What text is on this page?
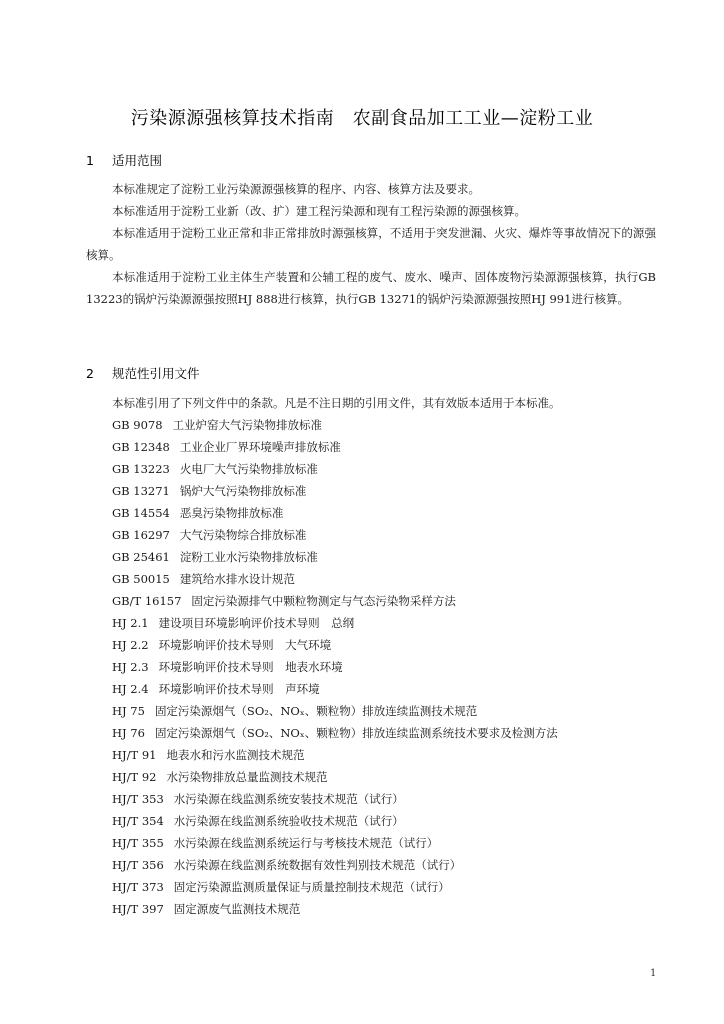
污染源源强核算技术指南　农副食品加工工业—淀粉工业
1 适用范围
本标准规定了淀粉工业污染源源强核算的程序、内容、核算方法及要求。
本标准适用于淀粉工业新（改、扩）建工程污染源和现有工程污染源的源强核算。
本标准适用于淀粉工业正常和非正常排放时源强核算，不适用于突发泄漏、火灾、爆炸等事故情况下的源强核算。
本标准适用于淀粉工业主体生产装置和公辅工程的废气、废水、噪声、固体废物污染源源强核算，执行GB 13223的锅炉污染源源强按照HJ 888进行核算，执行GB 13271的锅炉污染源源强按照HJ 991进行核算。
2 规范性引用文件
本标准引用了下列文件中的条款。凡是不注日期的引用文件，其有效版本适用于本标准。
GB 9078 工业炉窑大气污染物排放标准
GB 12348 工业企业厂界环境噪声排放标准
GB 13223 火电厂大气污染物排放标准
GB 13271 锅炉大气污染物排放标准
GB 14554 恶臭污染物排放标准
GB 16297 大气污染物综合排放标准
GB 25461 淀粉工业水污染物排放标准
GB 50015 建筑给水排水设计规范
GB/T 16157 固定污染源排气中颗粒物测定与气态污染物采样方法
HJ 2.1 建设项目环境影响评价技术导则　总纲
HJ 2.2 环境影响评价技术导则　大气环境
HJ 2.3 环境影响评价技术导则　地表水环境
HJ 2.4 环境影响评价技术导则　声环境
HJ 75 固定污染源烟气（SO₂、NOₓ、颗粒物）排放连续监测技术规范
HJ 76 固定污染源烟气（SO₂、NOₓ、颗粒物）排放连续监测系统技术要求及检测方法
HJ/T 91 地表水和污水监测技术规范
HJ/T 92 水污染物排放总量监测技术规范
HJ/T 353 水污染源在线监测系统安装技术规范（试行）
HJ/T 354 水污染源在线监测系统验收技术规范（试行）
HJ/T 355 水污染源在线监测系统运行与考核技术规范（试行）
HJ/T 356 水污染源在线监测系统数据有效性判别技术规范（试行）
HJ/T 373 固定污染源监测质量保证与质量控制技术规范（试行）
HJ/T 397 固定源废气监测技术规范
1
